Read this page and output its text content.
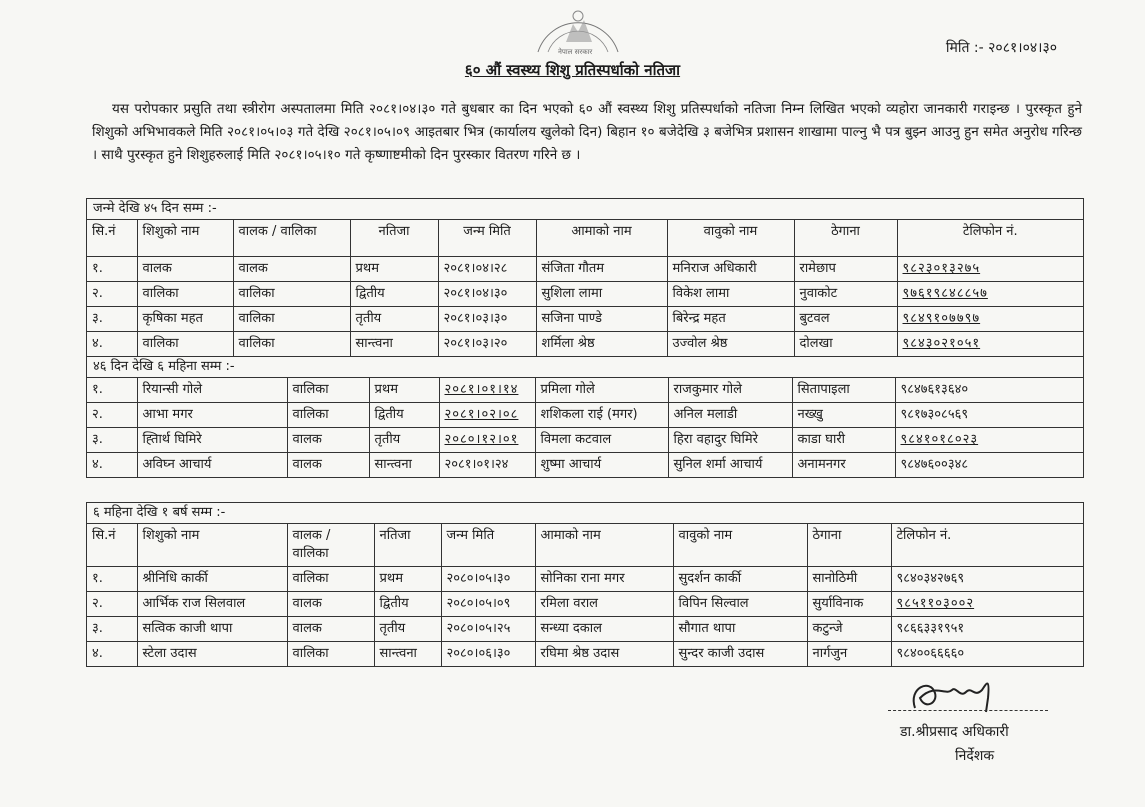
नेपाल सरकार	मिति :- २०८१।०४।३०
६० औं स्वस्थ्य शिशु प्रतिस्पर्धाको नतिजा
यस परोपकार प्रसुति तथा स्त्रीरोग अस्पतालमा मिति २०८१।०४।३० गते बुधबार का दिन भएको ६० औं स्वस्थ्य शिशु प्रतिस्पर्धाको नतिजा निम्न लिखित भएको व्यहोरा जानकारी गराइन्छ । पुरस्कृत हुने शिशुको अभिभावकले मिति २०८१।०५।०३ गते देखि २०८१।०५।०९ आइतबार भित्र (कार्यालय खुलेको दिन) बिहान १० बजेदेखि ३ बजेभित्र प्रशासन शाखामा पाल्नु भै पत्र बुझ्न आउनु हुन समेत अनुरोध गरिन्छ । साथै पुरस्कृत हुने शिशुहरुलाई मिति २०८१।०५।१० गते कृष्णाष्टमीको दिन पुरस्कार वितरण गरिने छ ।
जन्मे देखि ४५ दिन सम्म :-
सि.नं	शिशुको नाम	वालक / वालिका	नतिजा	जन्म मिति	आमाको नाम	वावुको नाम	ठेगाना	टेलिफोन नं.
१.	वालक	वालक	प्रथम	२०८१।०४।२८	संजिता गौतम	मनिराज अधिकारी	रामेछाप	९८२३०१३२७५
२.	वालिका	वालिका	द्वितीय	२०८१।०४।३०	सुशिला लामा	विकेश लामा	नुवाकोट	९७६१९८४८८५७
३.	कृषिका महत	वालिका	तृतीय	२०८१।०३।३०	सजिना पाण्डे	बिरेन्द्र महत	बुटवल	९८४९१०७७९७
४.	वालिका	वालिका	सान्त्वना	२०८१।०३।२०	शर्मिला श्रेष्ठ	उज्वोल श्रेष्ठ	दोलखा	९८४३०२१०५१
४६ दिन देखि ६ महिना सम्म :-
१.	रियान्सी गोले	वालिका	प्रथम	२०८१।०१।१४	प्रमिला गोले	राजकुमार गोले	सितापाइला	९८४७६१३६४०
२.	आभा मगर	वालिका	द्वितीय	२०८१।०२।०८	शशिकला राई (मगर)	अनिल मलाडी	नख्खु	९८१७३०८५६९
३.	ह्तिार्थ घिमिरे	वालक	तृतीय	२०८०।१२।०१	विमला कटवाल	हिरा वहादुर घिमिरे	काडा घारी	९८४१०१८०२३
४.	अविघ्न आचार्य	वालक	सान्त्वना	२०८१।०१।२४	शुष्मा आचार्य	सुनिल शर्मा आचार्य	अनामनगर	९८४७६००३४८
६ महिना देखि १ बर्ष सम्म :-
सि.नं	शिशुको नाम	वालक / वालिका	नतिजा	जन्म मिति	आमाको नाम	वावुको नाम	ठेगाना	टेलिफोन नं.
१.	श्रीनिधि कार्की	वालिका	प्रथम	२०८०।०५।३०	सोनिका राना मगर	सुदर्शन कार्की	सानोठिमी	९८४०३४२७६९
२.	आर्भिक राज सिलवाल	वालक	द्वितीय	२०८०।०५।०९	रमिला वराल	विपिन सिल्वाल	सुर्याविनाक	९८५११०३००२
३.	सत्विक काजी थापा	वालक	तृतीय	२०८०।०५।२५	सन्ध्या दकाल	सौगात थापा	कटुन्जे	९८६६३३१९५१
४.	स्टेला उदास	वालिका	सान्त्वना	२०८०।०६।३०	रघिमा श्रेष्ठ उदास	सुन्दर काजी उदास	नार्गजुन	९८४००६६६६०
डा.श्रीप्रसाद अधिकारी
निर्देशक
